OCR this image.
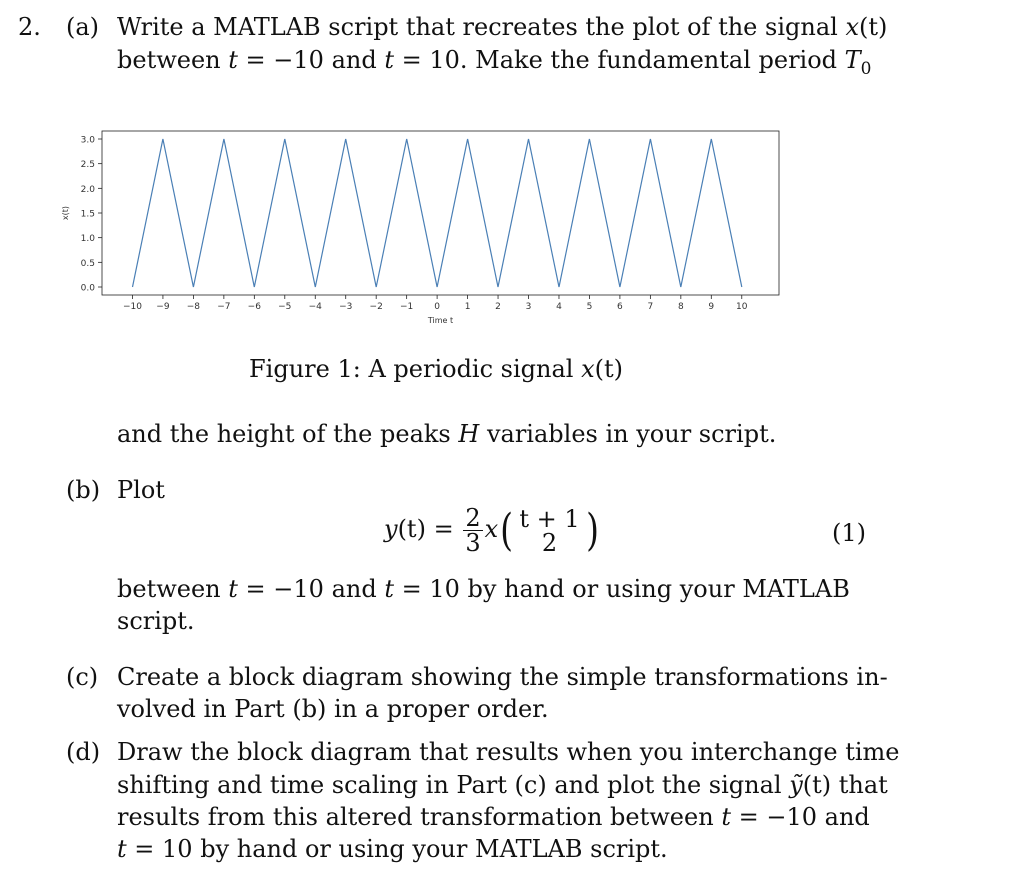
2. (a) Write a MATLAB script that recreates the plot of the signal x(t)
between t = −10 and t = 10. Make the fundamental period $T_0$
0.0
0.5
1.0
1.5
2.0
2.5
3.0
−10 −9 −8 −7 −6 −5 −4 −3 −2 −1 0	1	2	3	4	5	6	7	8	9 10
Time t
x(t)
Figure 1: A periodic signal x(t)
and the height of the peaks H variables in your script.
(b) Plot
$y(t) = \frac{2}{3} x$( t + 1
2 )	(1)
between t = −10 and t = 10 by hand or using your MATLAB
script.
(c) Create a block diagram showing the simple transformations in-
volved in Part (b) in a proper order.
(d) Draw the block diagram that results when you interchange time
shifting and time scaling in Part (c) and plot the signal ỹ(t) that
results from this altered transformation between t = −10 and
t = 10 by hand or using your MATLAB script.
